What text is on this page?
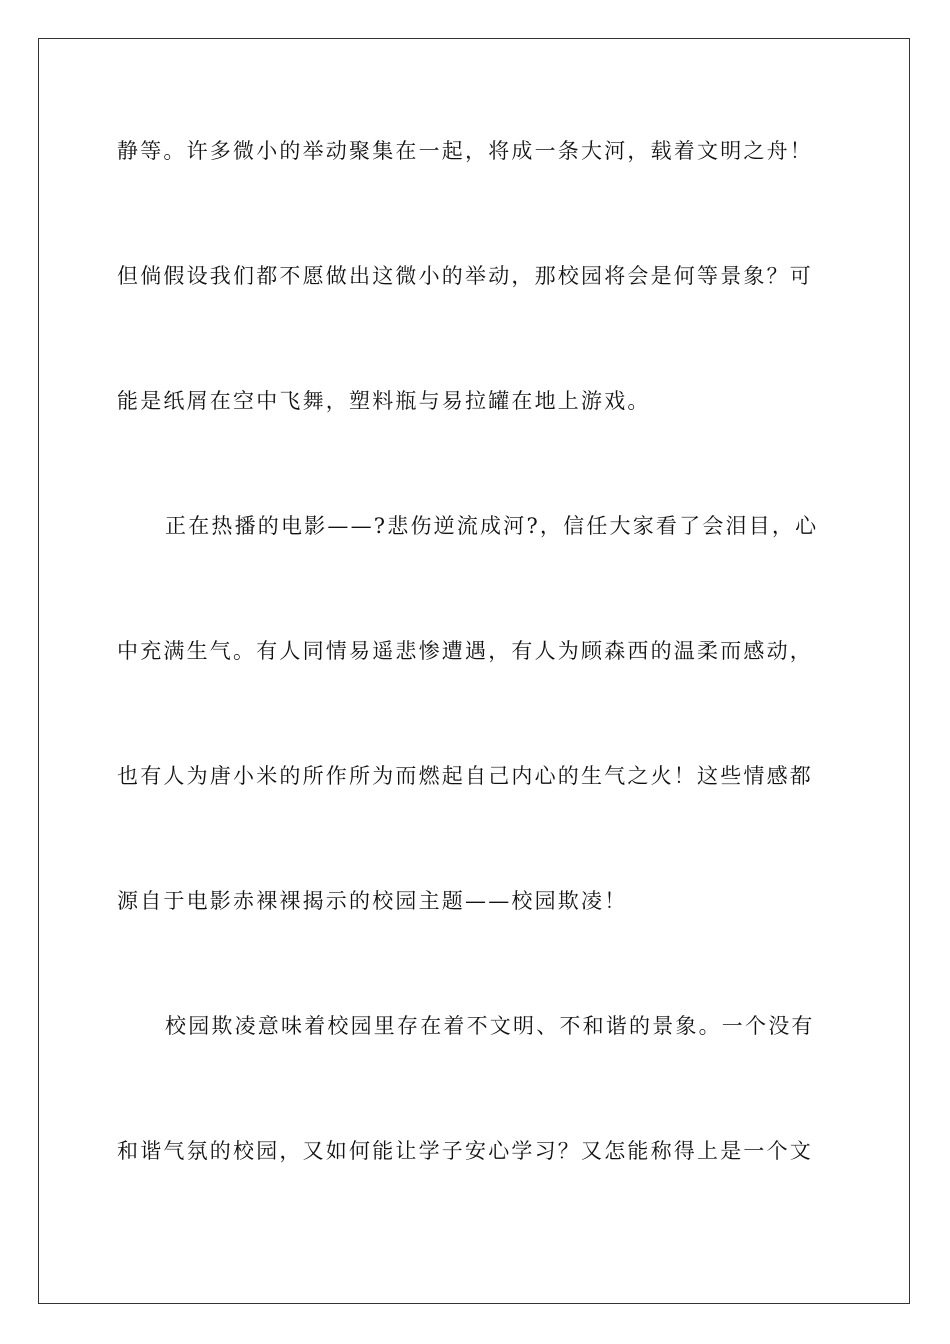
静等。许多微小的举动聚集在一起，将成一条大河，载着文明之舟！
但倘假设我们都不愿做出这微小的举动，那校园将会是何等景象？可
能是纸屑在空中飞舞，塑料瓶与易拉罐在地上游戏。
正在热播的电影——?悲伤逆流成河?，信任大家看了会泪目，心
中充满生气。有人同情易遥悲惨遭遇，有人为顾森西的温柔而感动，
也有人为唐小米的所作所为而燃起自己内心的生气之火！这些情感都
源自于电影赤裸裸揭示的校园主题——校园欺凌！
校园欺凌意味着校园里存在着不文明、不和谐的景象。一个没有
和谐气氛的校园，又如何能让学子安心学习？又怎能称得上是一个文
